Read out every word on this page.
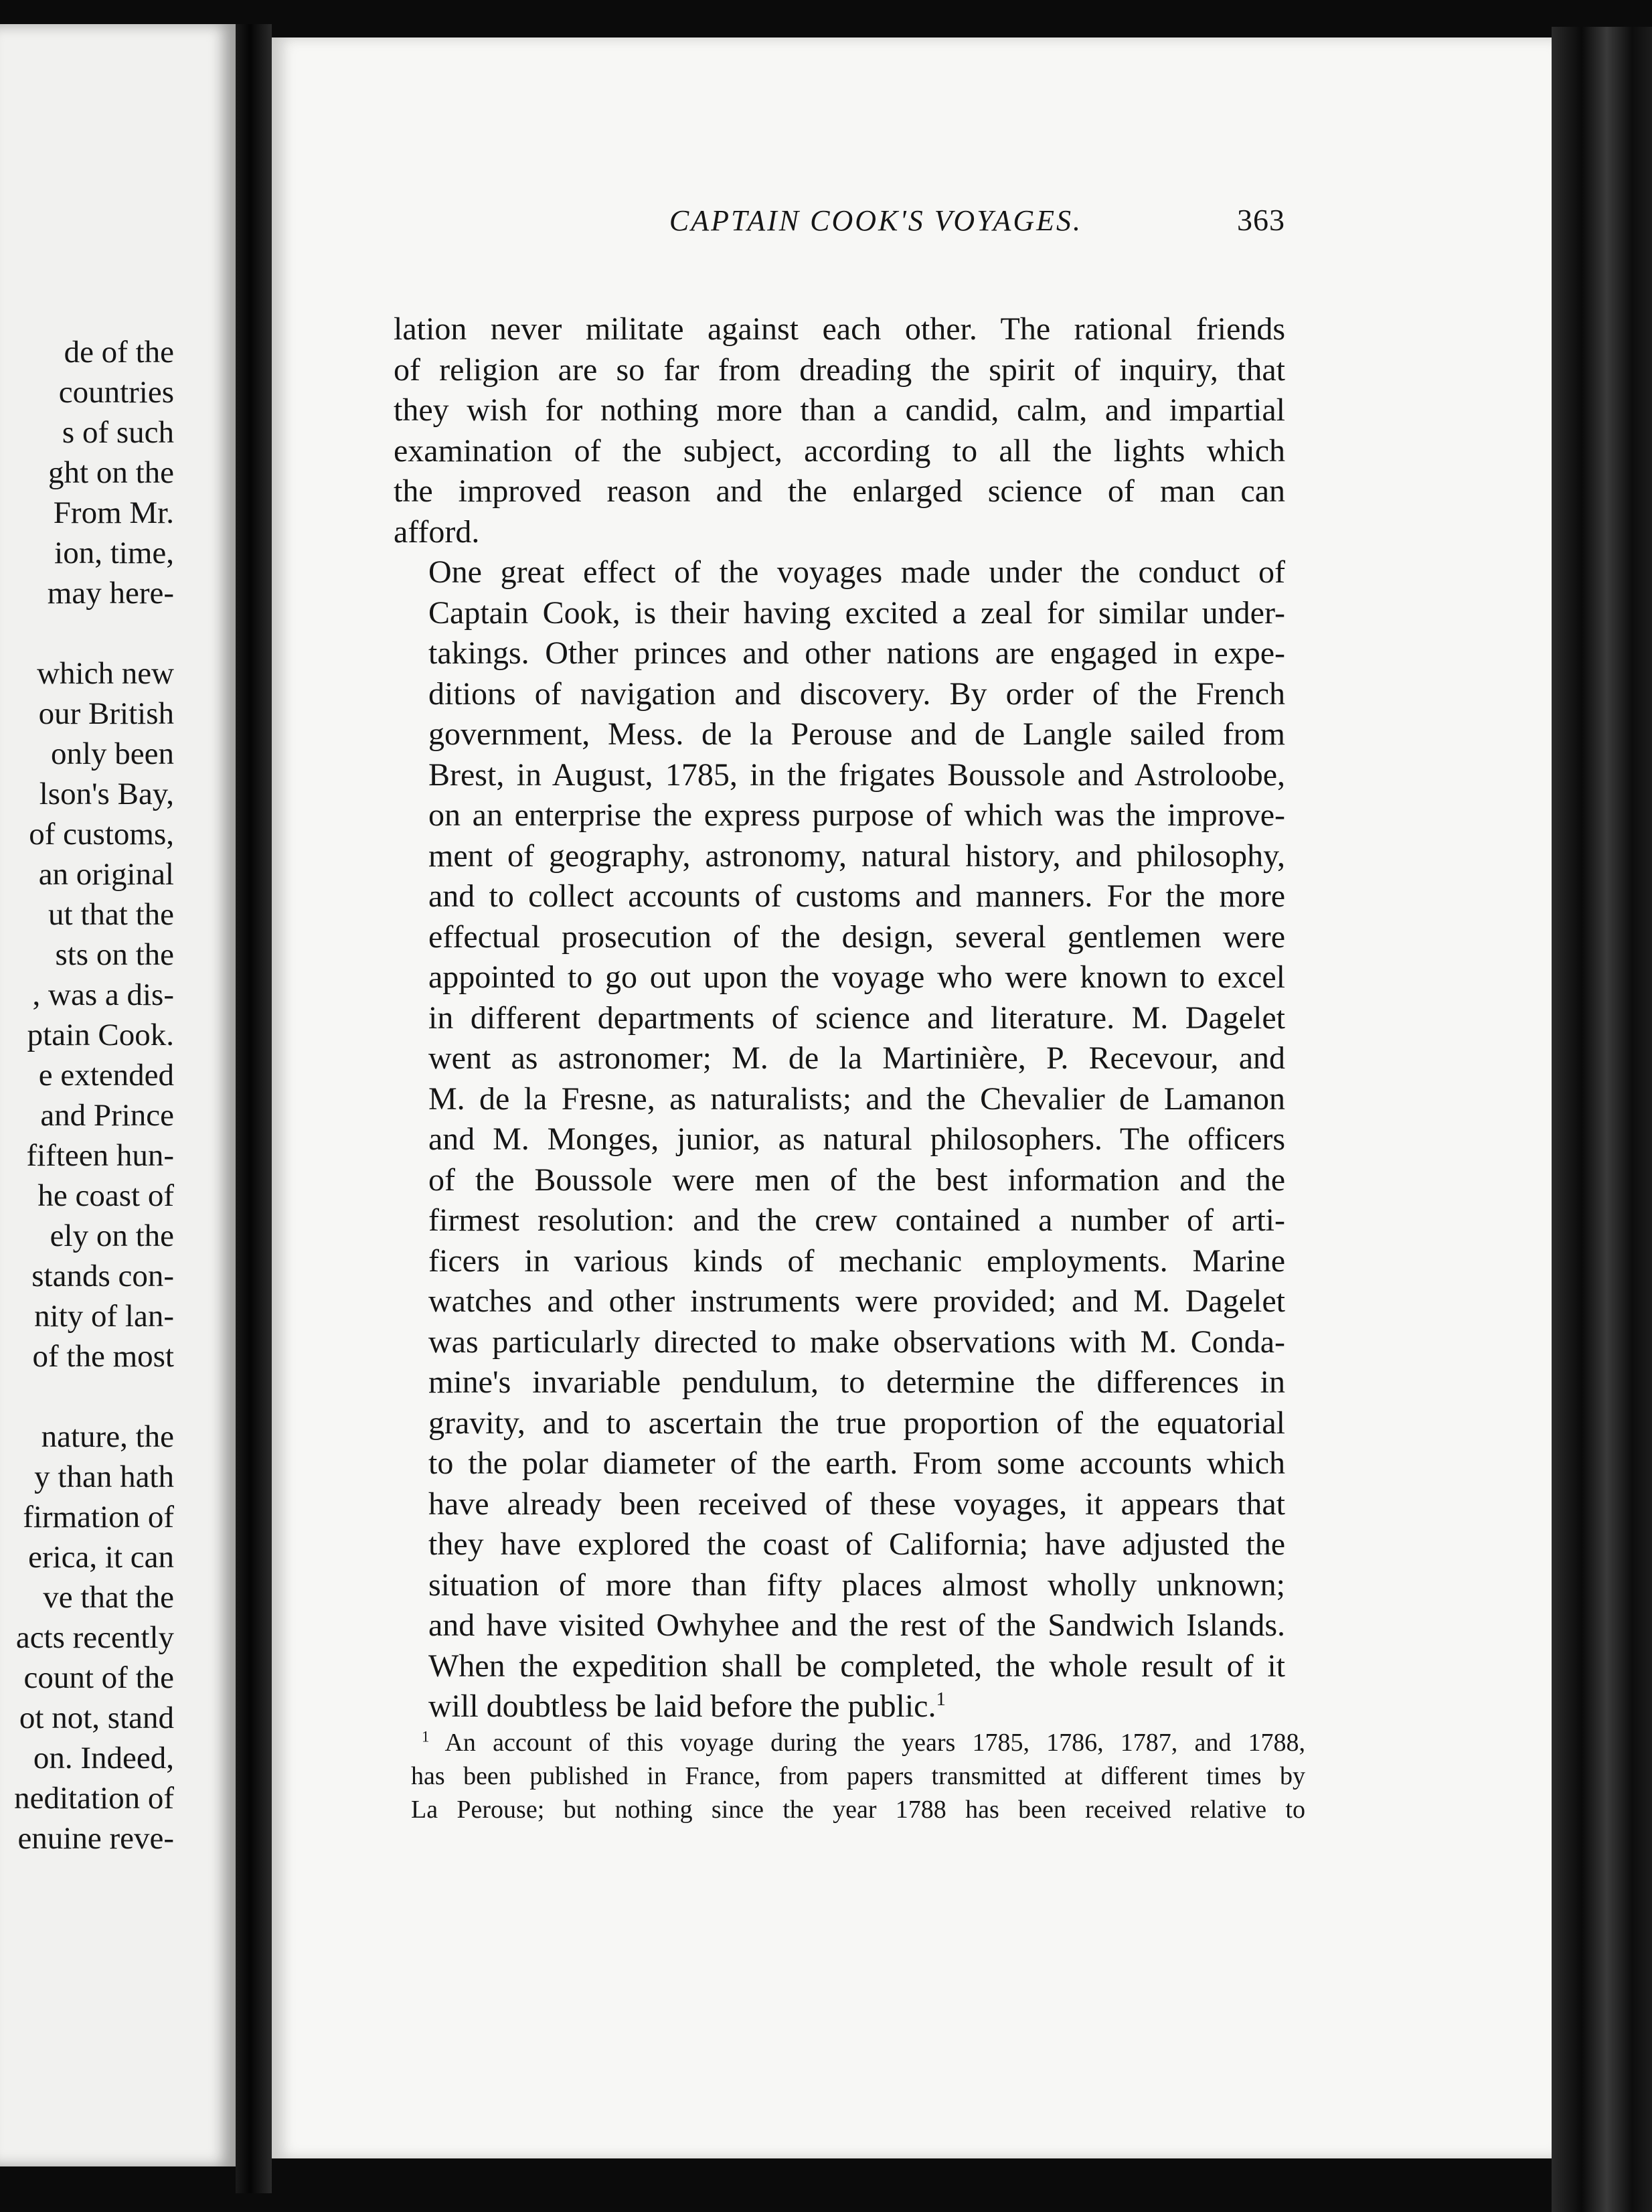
de of the
countries
s of such
ght on the
From Mr.
ion, time,
may here-

which new
our British
only been
lson's Bay,
of customs,
an original
ut that the
sts on the
, was a dis-
ptain Cook.
e extended
and Prince
fifteen hun-
he coast of
ely on the
stands con-
nity of lan-
of the most

nature, the
y than hath
firmation of
erica, it can
ve that the
acts recently
count of the
ot not, stand
on. Indeed,
neditation of
enuine reve-
CAPTAIN COOK'S VOYAGES.	363

lation never militate against each other. The rational friends
of religion are so far from dreading the spirit of inquiry, that
they wish for nothing more than a candid, calm, and impartial
examination of the subject, according to all the lights which
the improved reason and the enlarged science of man can
afford.

One great effect of the voyages made under the conduct of
Captain Cook, is their having excited a zeal for similar under-
takings. Other princes and other nations are engaged in expe-
ditions of navigation and discovery. By order of the French
government, Mess. de la Perouse and de Langle sailed from
Brest, in August, 1785, in the frigates Boussole and Astroloobe,
on an enterprise the express purpose of which was the improve-
ment of geography, astronomy, natural history, and philosophy,
and to collect accounts of customs and manners. For the more
effectual prosecution of the design, several gentlemen were
appointed to go out upon the voyage who were known to excel
in different departments of science and literature. M. Dagelet
went as astronomer; M. de la Martinière, P. Recevour, and
M. de la Fresne, as naturalists; and the Chevalier de Lamanon
and M. Monges, junior, as natural philosophers. The officers
of the Boussole were men of the best information and the
firmest resolution: and the crew contained a number of arti-
ficers in various kinds of mechanic employments. Marine
watches and other instruments were provided; and M. Dagelet
was particularly directed to make observations with M. Conda-
mine's invariable pendulum, to determine the differences in
gravity, and to ascertain the true proportion of the equatorial
to the polar diameter of the earth. From some accounts which
have already been received of these voyages, it appears that
they have explored the coast of California; have adjusted the
situation of more than fifty places almost wholly unknown;
and have visited Owhyhee and the rest of the Sandwich Islands.
When the expedition shall be completed, the whole result of it
will doubtless be laid before the public.$^1$

$^1$ An account of this voyage during the years 1785, 1786, 1787, and 1788,
has been published in France, from papers transmitted at different times by
La Perouse; but nothing since the year 1788 has been received relative to
